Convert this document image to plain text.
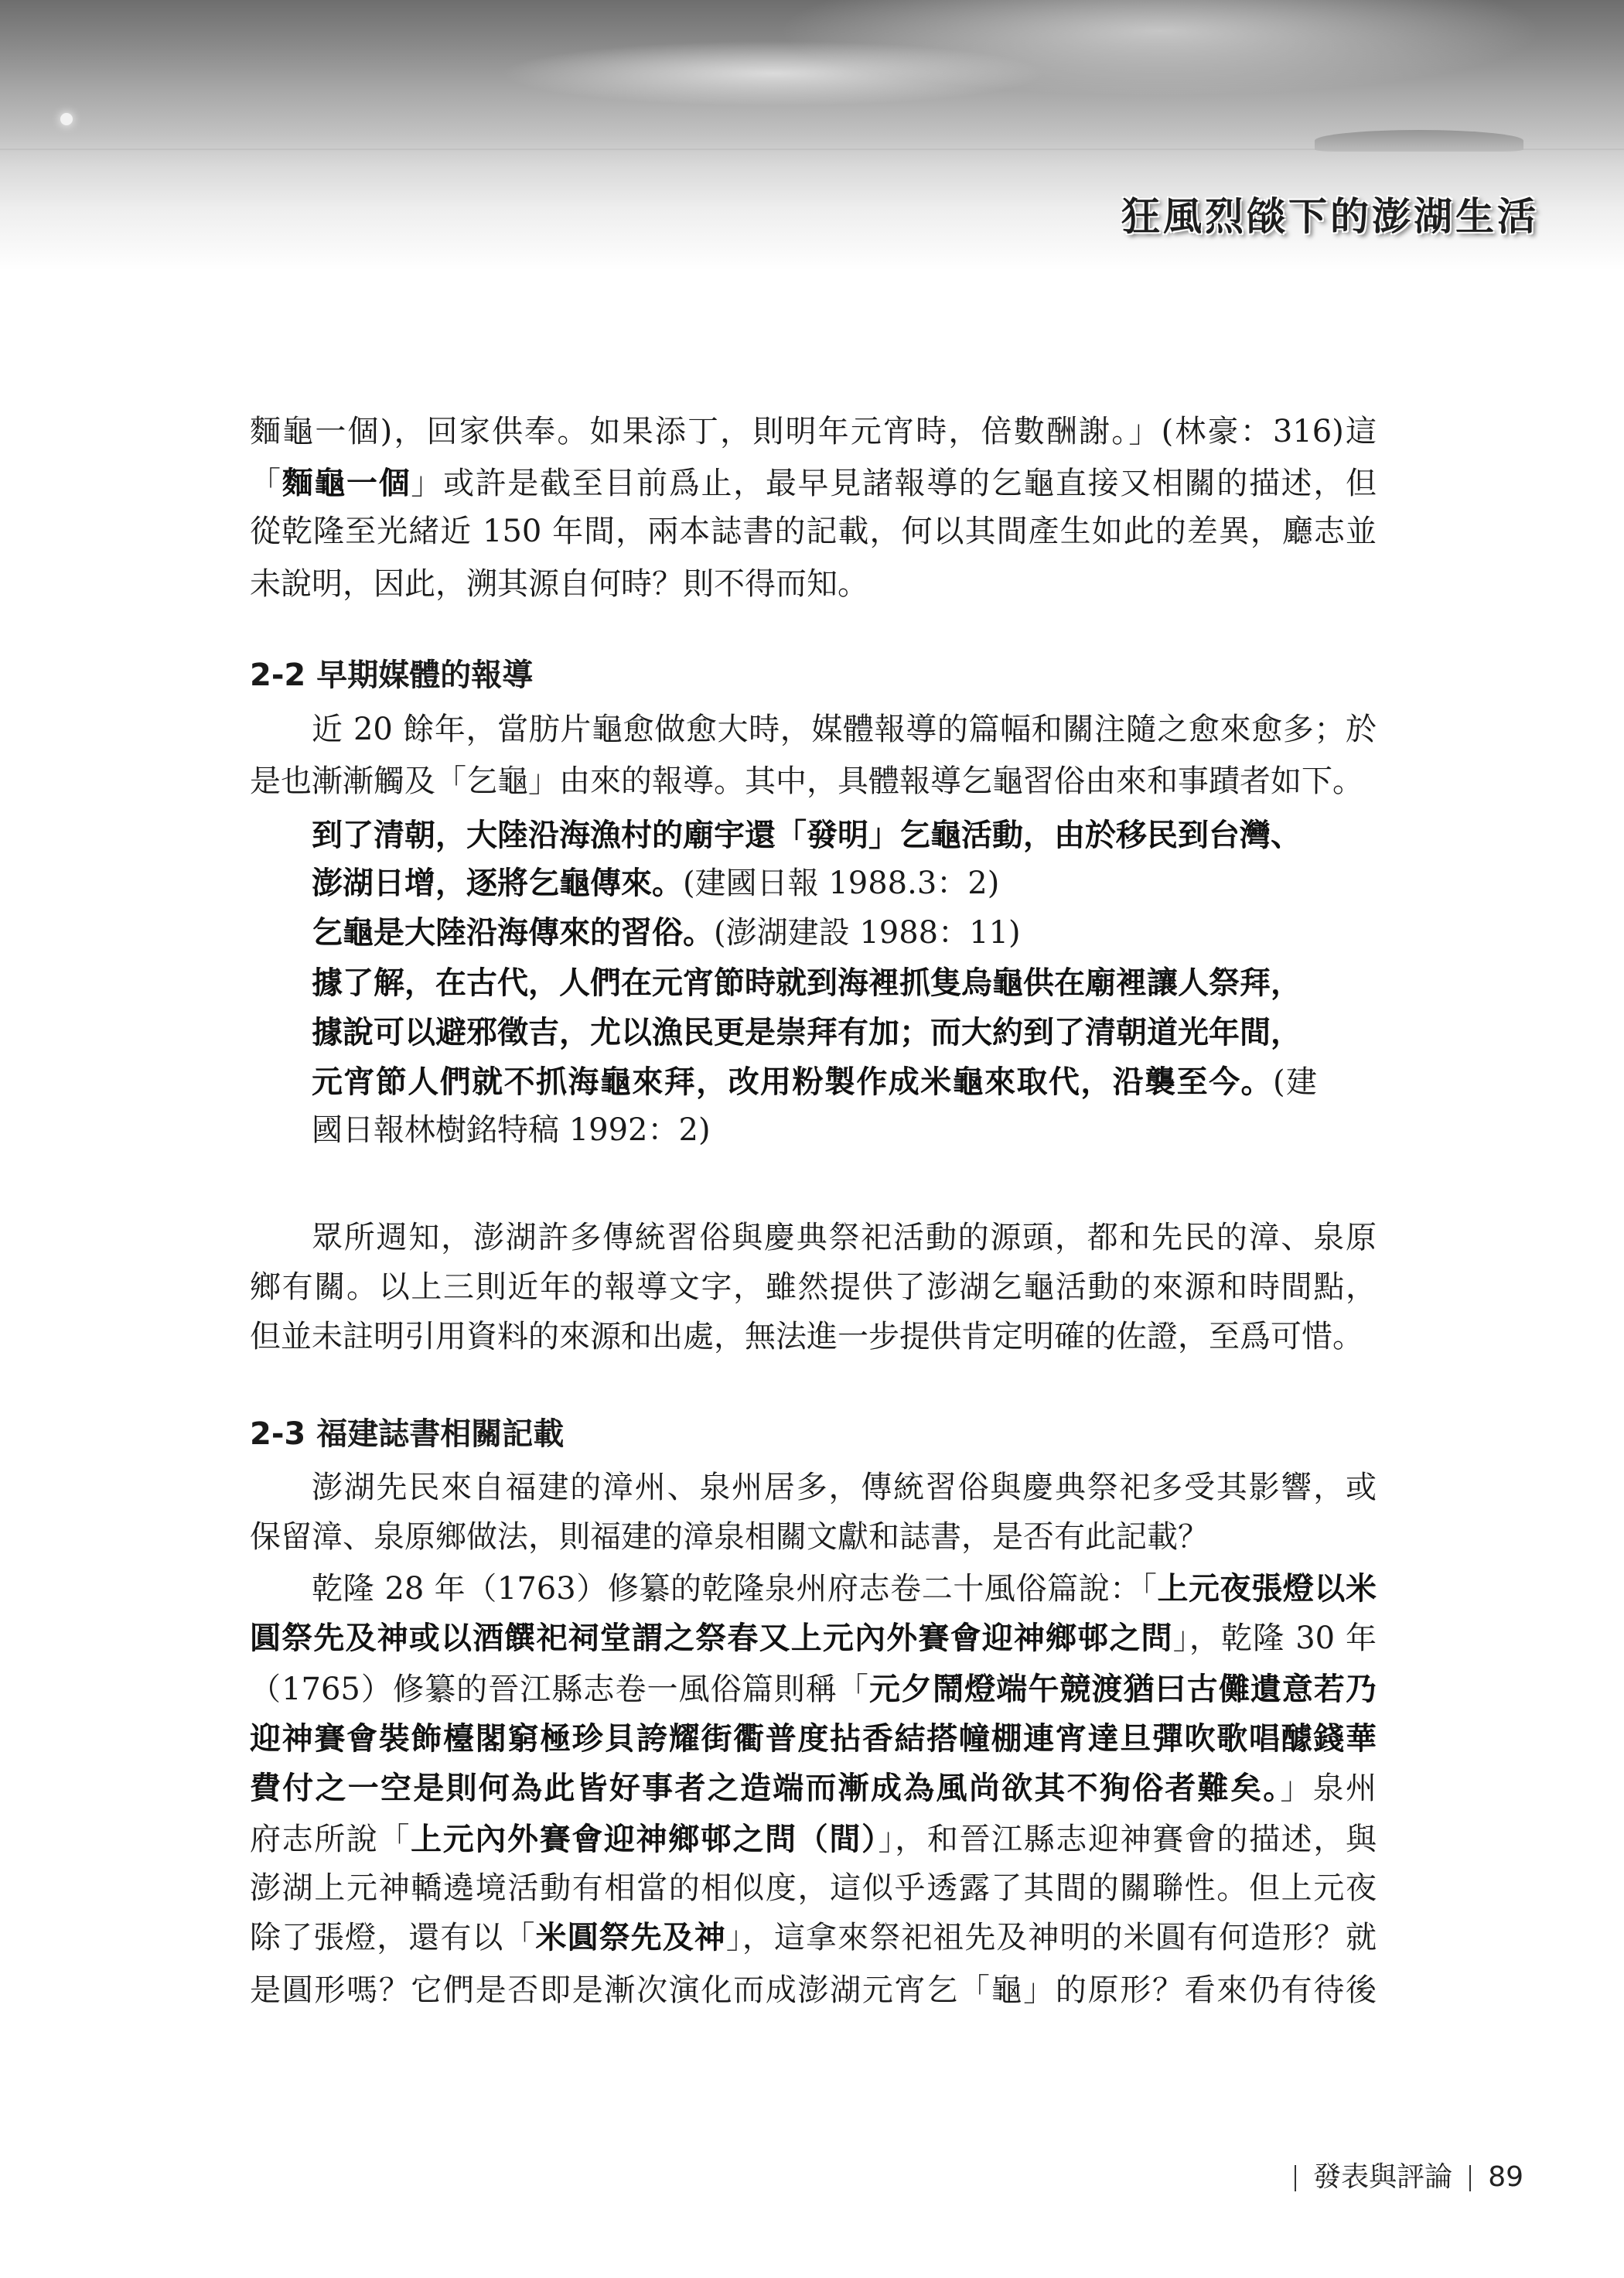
狂風烈燄下的澎湖生活
麵龜一個)，回家供奉。如果添丁，則明年元宵時，倍數酬謝。」(林豪：316)這
「麵龜一個」或許是截至目前爲止，最早見諸報導的乞龜直接又相關的描述，但
從乾隆至光緒近 150 年間，兩本誌書的記載，何以其間產生如此的差異，廳志並
未說明，因此，溯其源自何時？則不得而知。
2-2 早期媒體的報導
近 20 餘年，當肪片龜愈做愈大時，媒體報導的篇幅和關注隨之愈來愈多；於
是也漸漸觸及「乞龜」由來的報導。其中，具體報導乞龜習俗由來和事蹟者如下。
到了清朝，大陸沿海漁村的廟宇還「發明」乞龜活動，由於移民到台灣、
澎湖日增，逐將乞龜傳來。(建國日報 1988.3：2)
乞龜是大陸沿海傳來的習俗。(澎湖建設 1988：11)
據了解，在古代，人們在元宵節時就到海裡抓隻烏龜供在廟裡讓人祭拜，
據說可以避邪徵吉，尤以漁民更是崇拜有加；而大約到了清朝道光年間，
元宵節人們就不抓海龜來拜，改用粉製作成米龜來取代，沿襲至今。(建
國日報林樹銘特稿 1992：2)
眾所週知，澎湖許多傳統習俗與慶典祭祀活動的源頭，都和先民的漳、泉原
鄉有關。以上三則近年的報導文字，雖然提供了澎湖乞龜活動的來源和時間點，
但並未註明引用資料的來源和出處，無法進一步提供肯定明確的佐證，至爲可惜。
2-3 福建誌書相關記載
澎湖先民來自福建的漳州、泉州居多，傳統習俗與慶典祭祀多受其影響，或
保留漳、泉原鄉做法，則福建的漳泉相關文獻和誌書，是否有此記載？
乾隆 28 年（1763）修纂的乾隆泉州府志卷二十風俗篇說：「上元夜張燈以米
圓祭先及神或以酒饌祀祠堂謂之祭春又上元內外賽會迎神鄉邨之問」，乾隆 30 年
（1765）修纂的晉江縣志卷一風俗篇則稱「元夕鬧燈端午競渡猶曰古儺遺意若乃
迎神賽會裝飾檯閣窮極珍貝誇耀街衢普度拈香結搭幢棚連宵達旦彈吹歌唱醵錢華
費付之一空是則何為此皆好事者之造端而漸成為風尚欲其不狥俗者難矣。」泉州
府志所說「上元內外賽會迎神鄉邨之問（間）」，和晉江縣志迎神賽會的描述，與
澎湖上元神轎遶境活動有相當的相似度，這似乎透露了其間的關聯性。但上元夜
除了張燈，還有以「米圓祭先及神」，這拿來祭祀祖先及神明的米圓有何造形？就
是圓形嗎？它們是否即是漸次演化而成澎湖元宵乞「龜」的原形？看來仍有待後
發表與評論 89
